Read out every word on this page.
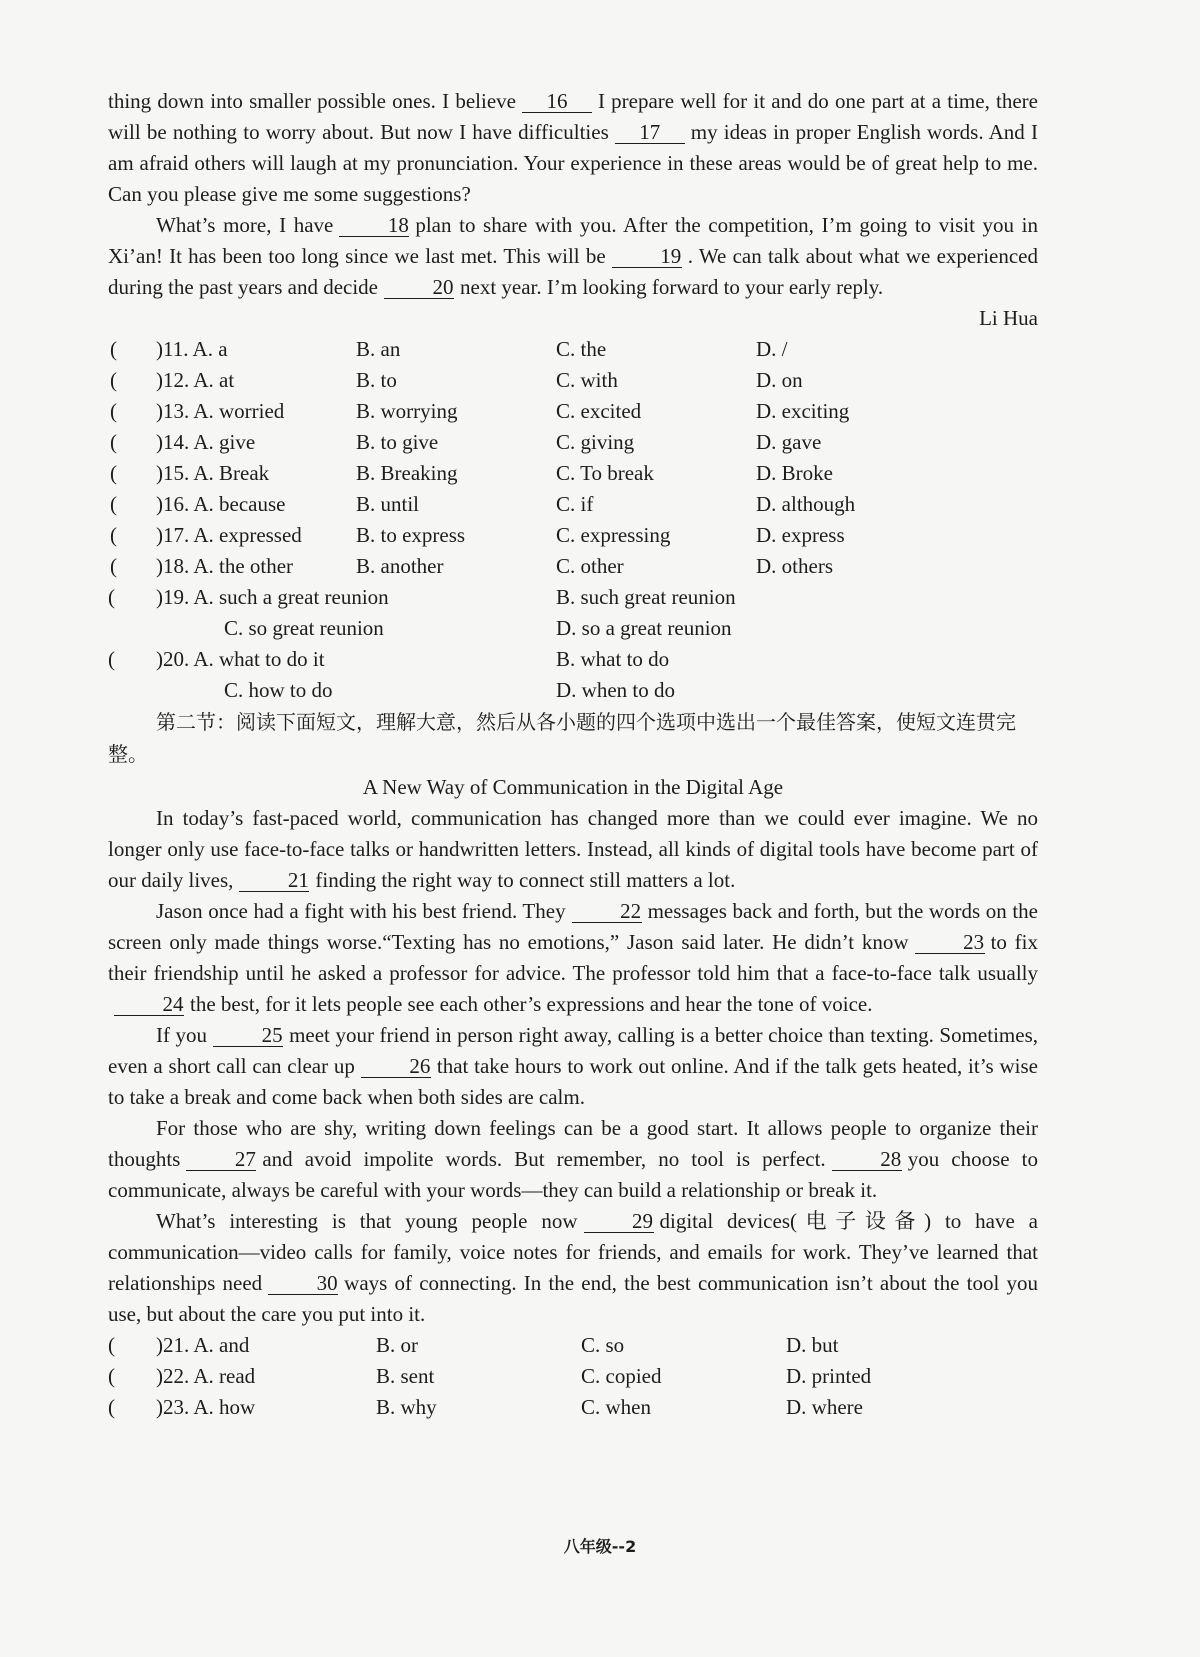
thing down into smaller possible ones. I believe 16 I prepare well for it and do one part at a time, there will be nothing to worry about. But now I have difficulties 17 my ideas in proper English words. And I am afraid others will laugh at my pronunciation. Your experience in these areas would be of great help to me. Can you please give me some suggestions?

What’s more, I have	18 plan to share with you. After the competition, I’m going to visit you in Xi’an! It has been too long since we last met. This will be	19 . We can talk about what we experienced during the past years and decide	20 next year. I’m looking forward to your early reply.

Li Hua

(	)11. A. a	B. an	C. the	D. /
(	)12. A. at	B. to	C. with	D. on
(	)13. A. worried	B. worrying	C. excited	D. exciting
(	)14. A. give	B. to give	C. giving	D. gave
(	)15. A. Break	B. Breaking	C. To break	D. Broke
(	)16. A. because	B. until	C. if	D. although
(	)17. A. expressed	B. to express	C. expressing	D. express
(	)18. A. the other	B. another	C. other	D. others
(	)19. A. such a great reunion	B. such great reunion
C. so great reunion	D. so a great reunion
(	)20. A. what to do it	B. what to do
C. how to do	D. when to do

第二节：阅读下面短文，理解大意，然后从各小题的四个选项中选出一个最佳答案，使短文连贯完整。

A New Way of Communication in the Digital Age

In today’s fast-paced world, communication has changed more than we could ever imagine. We no longer only use face-to-face talks or handwritten letters. Instead, all kinds of digital tools have become part of our daily lives,	21 finding the right way to connect still matters a lot.

Jason once had a fight with his best friend. They	22 messages back and forth, but the words on the screen only made things worse.“Texting has no emotions,” Jason said later. He didn’t know	23 to fix their friendship until he asked a professor for advice. The professor told him that a face-to-face talk usually24 the best, for it lets people see each other’s expressions and hear the tone of voice.

If you	25 meet your friend in person right away, calling is a better choice than texting. Sometimes, even a short call can clear up	26 that take hours to work out online. And if the talk gets heated, it’s wise to take a break and come back when both sides are calm.

For those who are shy, writing down feelings can be a good start. It allows people to organize their thoughts	27 and avoid impolite words. But remember, no tool is perfect.	28 you choose to communicate, always be careful with your words—they can build a relationship or break it.

What’s interesting is that young people now	29 digital devices(电子设备) to have a communication—video calls for family, voice notes for friends, and emails for work. They’ve learned that relationships need	30 ways of connecting. In the end, the best communication isn’t about the tool you use, but about the care you put into it.

(	)21. A. and	B. or	C. so	D. but
(	)22. A. read	B. sent	C. copied	D. printed
(	)23. A. how	B. why	C. when	D. where
八年级--2
